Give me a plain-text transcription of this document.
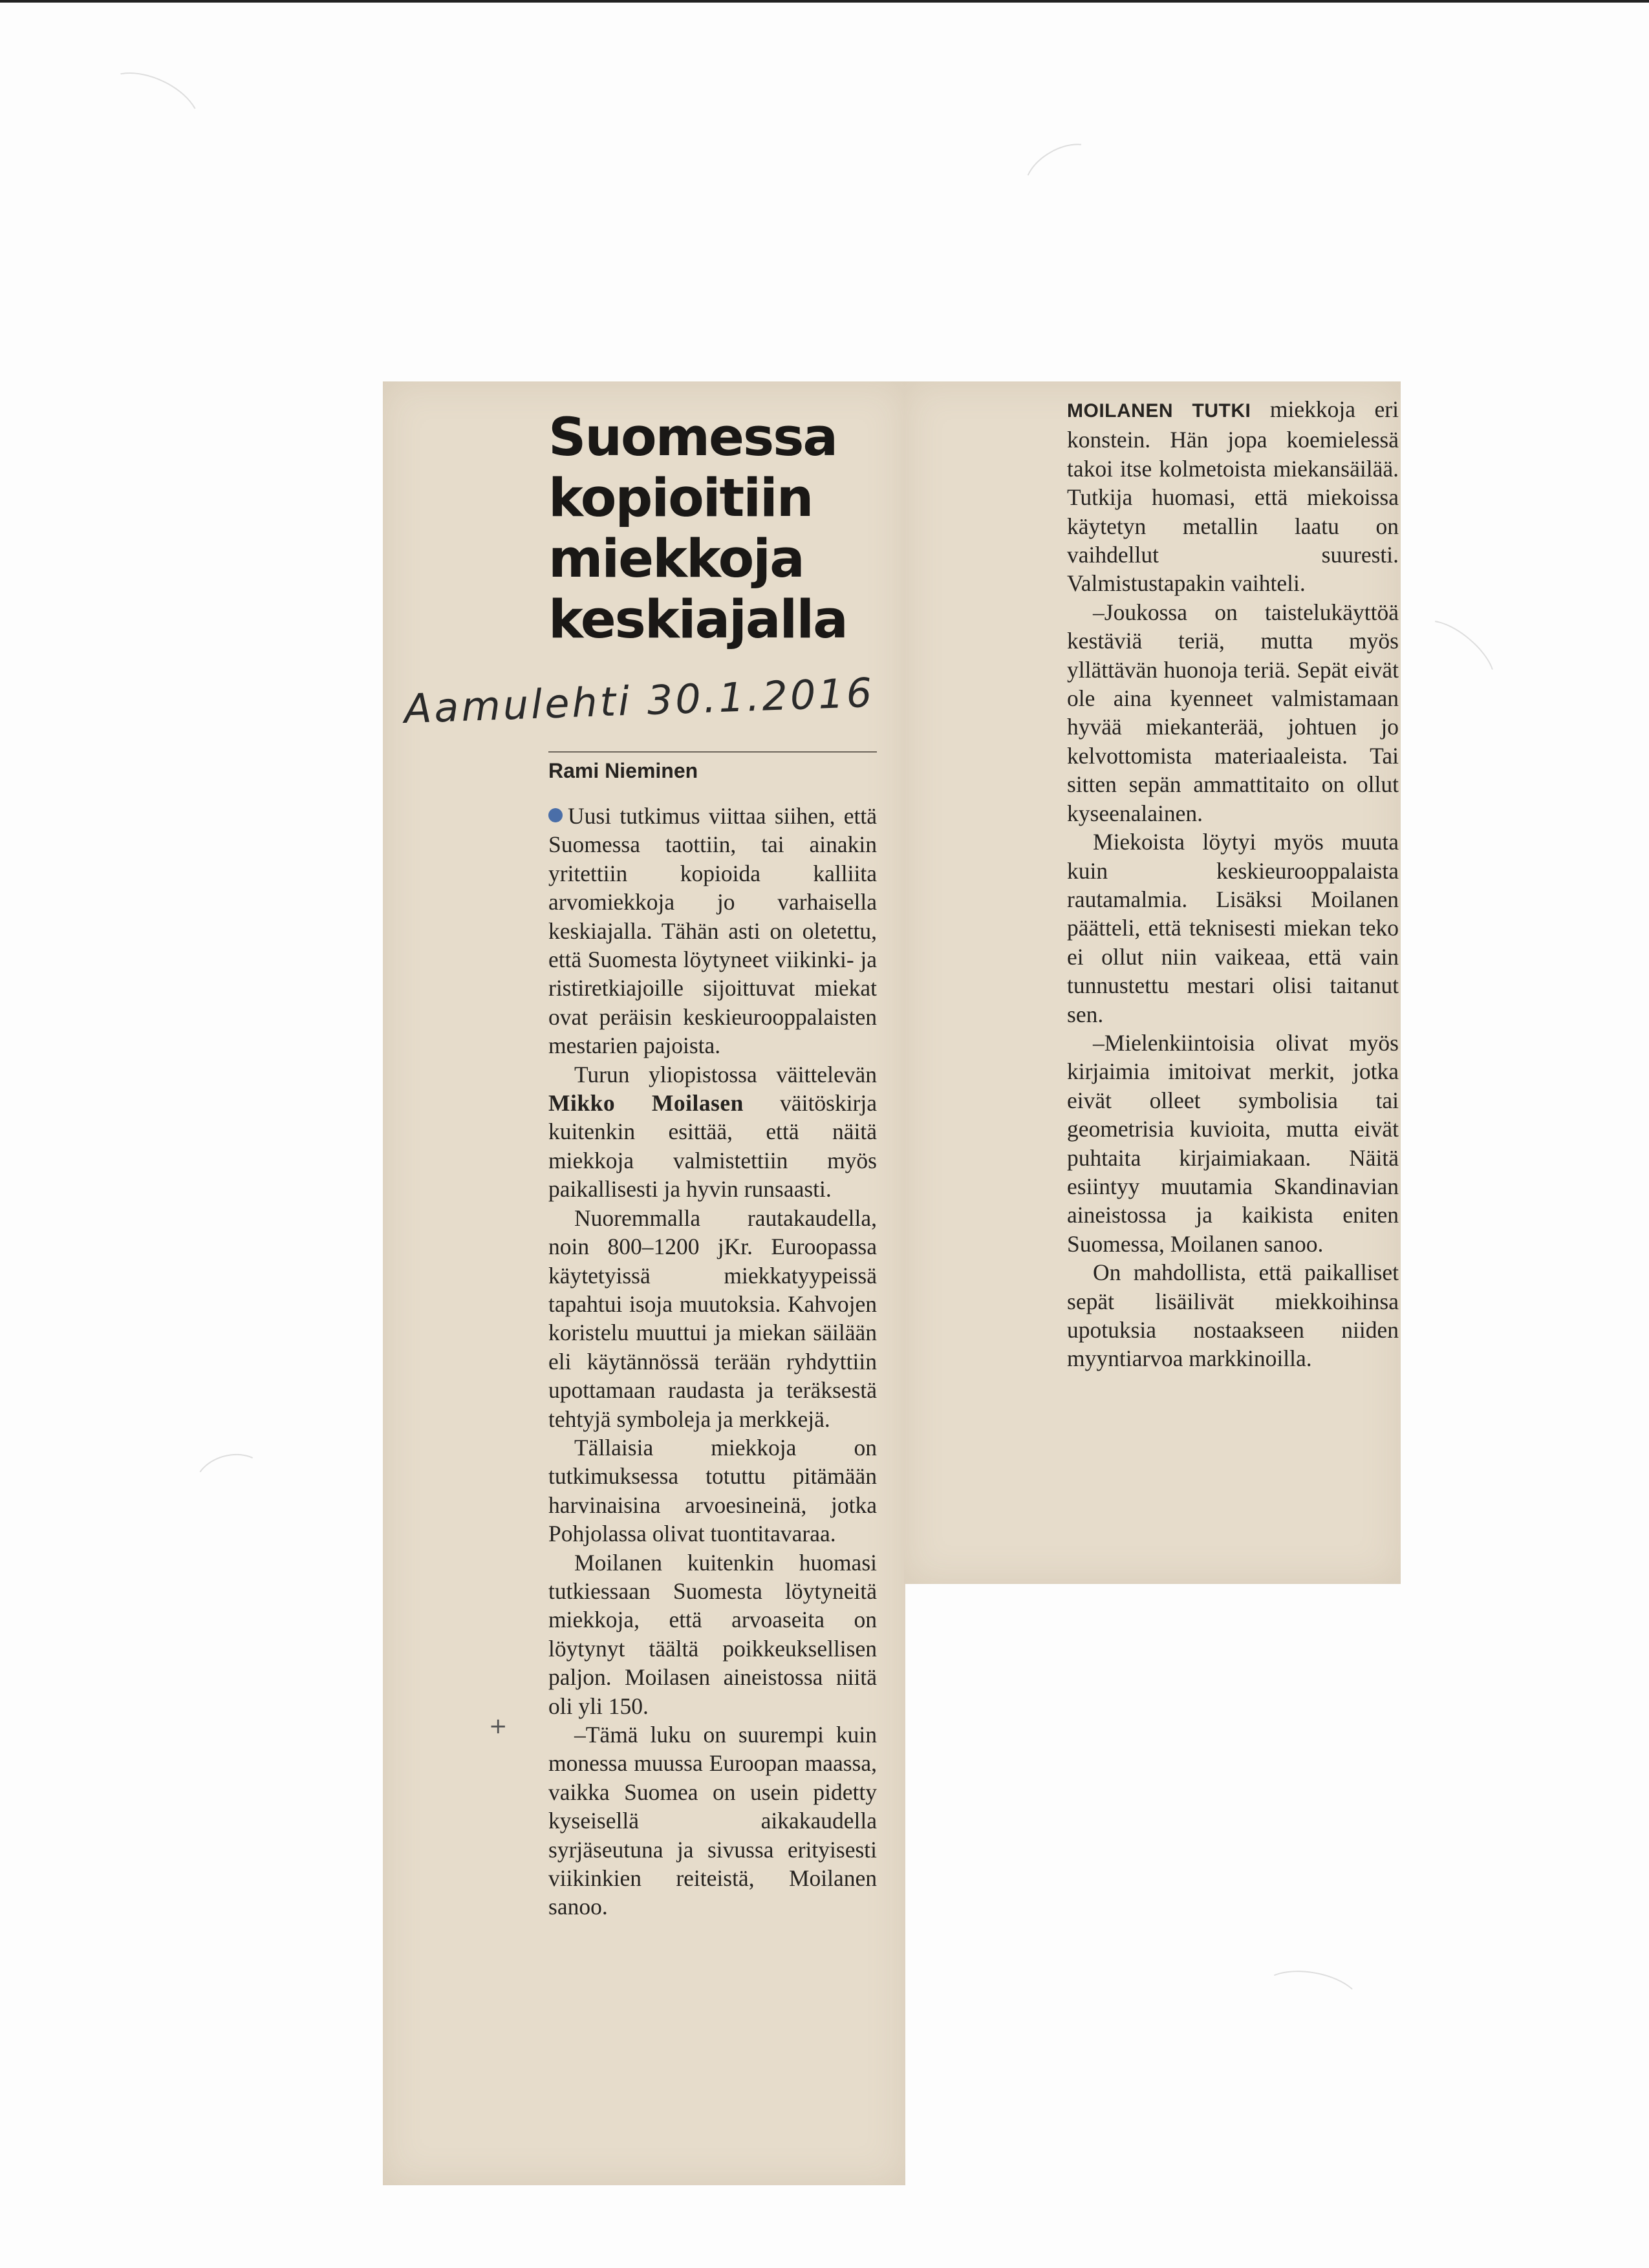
Suomessa
kopioitiin
miekkoja
keskiajalla
Aamulehti 30.1.2016
Rami Nieminen

Uusi tutkimus viittaa siihen, että Suomessa taottiin, tai ainakin yritettiin kopioida kalliita arvomiekkoja jo varhaisella keskiajalla. Tähän asti on oletettu, että Suomesta löytyneet viikinki- ja ristiretkiajoille sijoittuvat miekat ovat peräisin keskieurooppalaisten mestarien pajoista.

Turun yliopistossa väittelevän Mikko Moilasen väitöskirja kuitenkin esittää, että näitä miekkoja valmistettiin myös paikallisesti ja hyvin runsaasti.

Nuoremmalla rautakaudella, noin 800–1200 jKr. Euroopassa käytetyissä miekkatyypeissä tapahtui isoja muutoksia. Kahvojen koristelu muuttui ja miekan säilään eli käytännössä terään ryhdyttiin upottamaan raudasta ja teräksestä tehtyjä symboleja ja merkkejä.

Tällaisia miekkoja on tutkimuksessa totuttu pitämään harvinaisina arvoesineinä, jotka Pohjolassa olivat tuontitavaraa.

Moilanen kuitenkin huomasi tutkiessaan Suomesta löytyneitä miekkoja, että arvoaseita on löytynyt täältä poikkeuksellisen paljon. Moilasen aineistossa niitä oli yli 150.

–Tämä luku on suurempi kuin monessa muussa Euroopan maassa, vaikka Suomea on usein pidetty kyseisellä aikakaudella syrjäseutuna ja sivussa erityisesti viikinkien reiteistä, Moilanen sanoo.

MOILANEN TUTKI miekkoja eri konstein. Hän jopa koemielessä takoi itse kolmetoista miekansäilää. Tutkija huomasi, että miekoissa käytetyn metallin laatu on vaihdellut suuresti. Valmistustapakin vaihteli.

–Joukossa on taistelukäyttöä kestäviä teriä, mutta myös yllättävän huonoja teriä. Sepät eivät ole aina kyenneet valmistamaan hyvää miekanterää, johtuen jo kelvottomista materiaaleista. Tai sitten sepän ammattitaito on ollut kyseenalainen.

Miekoista löytyi myös muuta kuin keskieurooppalaista rautamalmia. Lisäksi Moilanen päätteli, että teknisesti miekan teko ei ollut niin vaikeaa, että vain tunnustettu mestari olisi taitanut sen.

–Mielenkiintoisia olivat myös kirjaimia imitoivat merkit, jotka eivät olleet symbolisia tai geometrisia kuvioita, mutta eivät puhtaita kirjaimiakaan. Näitä esiintyy muutamia Skandinavian aineistossa ja kaikista eniten Suomessa, Moilanen sanoo.

On mahdollista, että paikalliset sepät lisäilivät miekkoihinsa upotuksia nostaakseen niiden myyntiarvoa markkinoilla.

+
